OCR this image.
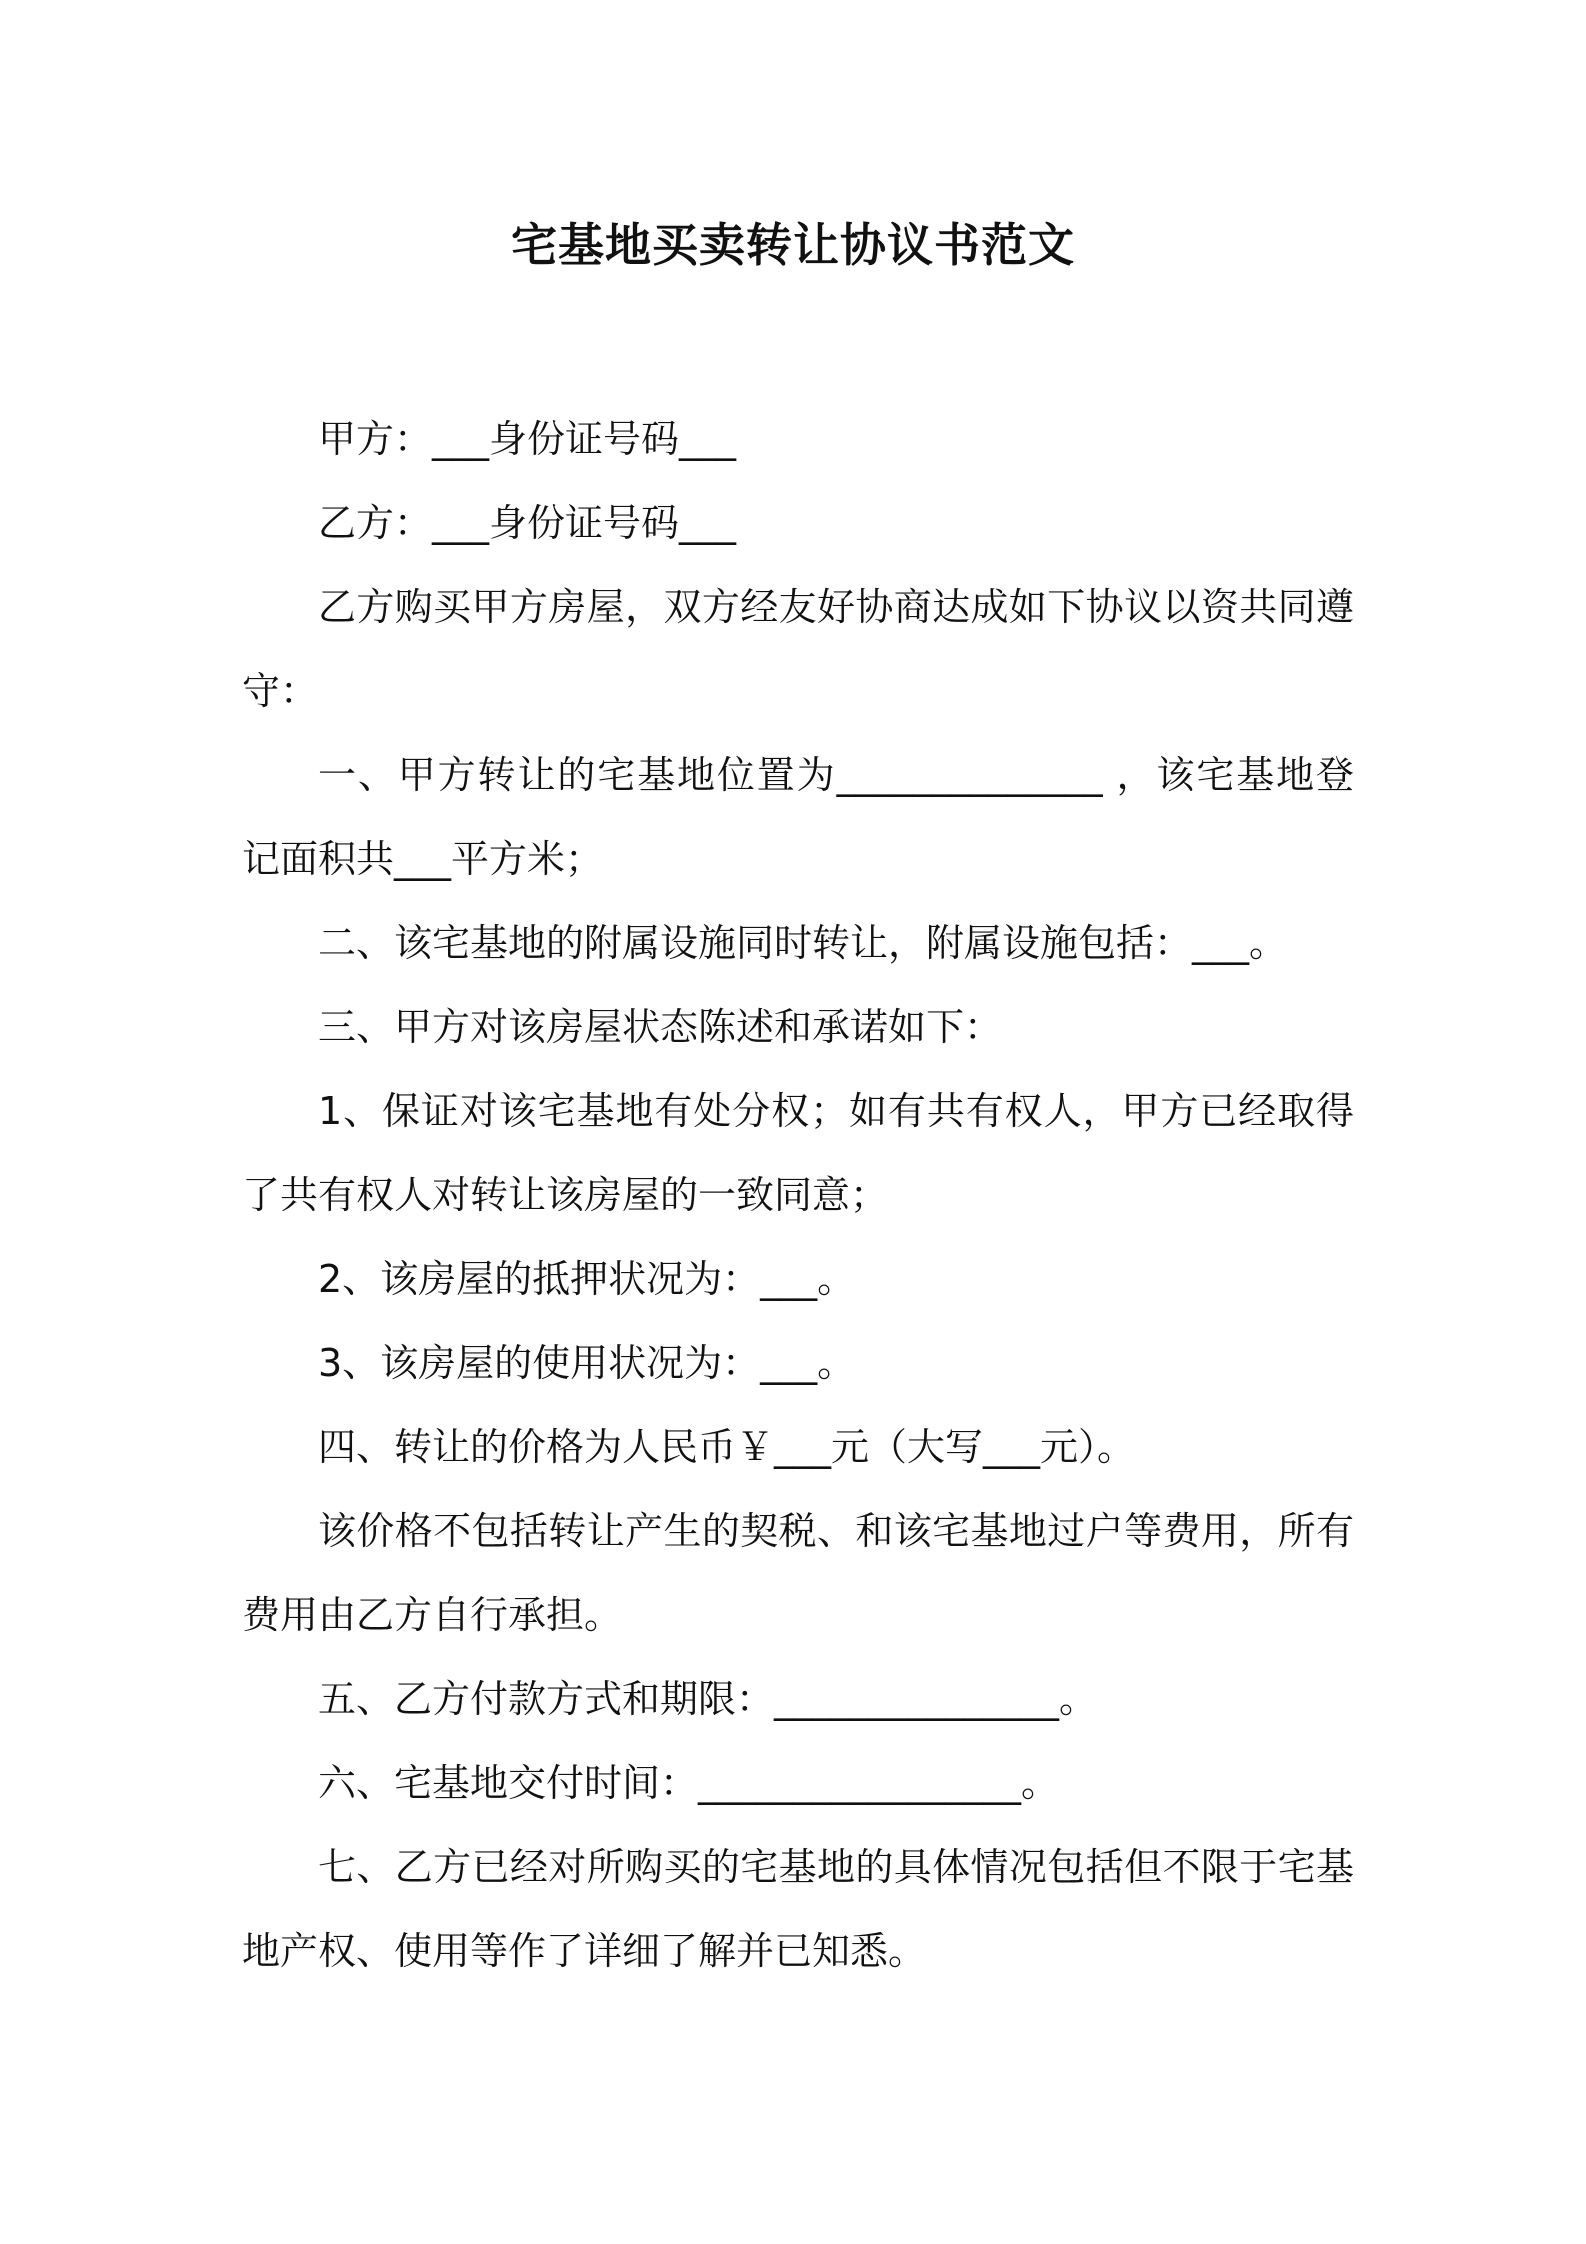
宅基地买卖转让协议书范文

甲方：___身份证号码___

乙方：___身份证号码___

乙方购买甲方房屋，双方经友好协商达成如下协议以资共同遵守：

一、甲方转让的宅基地位置为______________ ，该宅基地登记面积共___平方米；

二、该宅基地的附属设施同时转让，附属设施包括：___。

三、甲方对该房屋状态陈述和承诺如下：

1、保证对该宅基地有处分权；如有共有权人，甲方已经取得了共有权人对转让该房屋的一致同意；

2、该房屋的抵押状况为：___。

3、该房屋的使用状况为：___。

四、转让的价格为人民币￥___元（大写___元）。

该价格不包括转让产生的契税、和该宅基地过户等费用，所有费用由乙方自行承担。

五、乙方付款方式和期限：_______________。

六、宅基地交付时间：_________________。

七、乙方已经对所购买的宅基地的具体情况包括但不限于宅基地产权、使用等作了详细了解并已知悉。
